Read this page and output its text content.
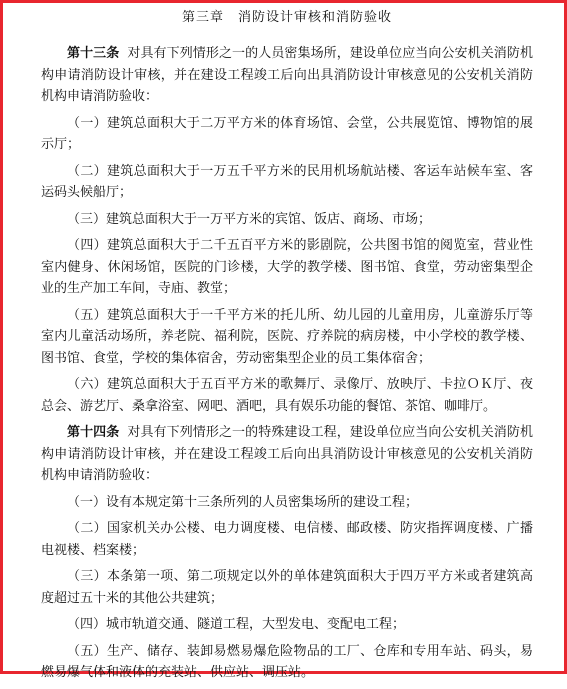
第三章　消防设计审核和消防验收

第十三条 对具有下列情形之一的人员密集场所，建设单位应当向公安机关消防机构申请消防设计审核，并在建设工程竣工后向出具消防设计审核意见的公安机关消防机构申请消防验收：

（一）建筑总面积大于二万平方米的体育场馆、会堂，公共展览馆、博物馆的展示厅；

（二）建筑总面积大于一万五千平方米的民用机场航站楼、客运车站候车室、客运码头候船厅；

（三）建筑总面积大于一万平方米的宾馆、饭店、商场、市场；

（四）建筑总面积大于二千五百平方米的影剧院，公共图书馆的阅览室，营业性室内健身、休闲场馆，医院的门诊楼，大学的教学楼、图书馆、食堂，劳动密集型企业的生产加工车间，寺庙、教堂；

（五）建筑总面积大于一千平方米的托儿所、幼儿园的儿童用房，儿童游乐厅等室内儿童活动场所，养老院、福利院，医院、疗养院的病房楼，中小学校的教学楼、图书馆、食堂，学校的集体宿舍，劳动密集型企业的员工集体宿舍；

（六）建筑总面积大于五百平方米的歌舞厅、录像厅、放映厅、卡拉ＯＫ厅、夜总会、游艺厅、桑拿浴室、网吧、酒吧，具有娱乐功能的餐馆、茶馆、咖啡厅。

第十四条 对具有下列情形之一的特殊建设工程，建设单位应当向公安机关消防机构申请消防设计审核，并在建设工程竣工后向出具消防设计审核意见的公安机关消防机构申请消防验收：

（一）设有本规定第十三条所列的人员密集场所的建设工程；

（二）国家机关办公楼、电力调度楼、电信楼、邮政楼、防灾指挥调度楼、广播电视楼、档案楼；

（三）本条第一项、第二项规定以外的单体建筑面积大于四万平方米或者建筑高度超过五十米的其他公共建筑；

（四）城市轨道交通、隧道工程，大型发电、变配电工程；

（五）生产、储存、装卸易燃易爆危险物品的工厂、仓库和专用车站、码头，易燃易爆气体和液体的充装站、供应站、调压站。
